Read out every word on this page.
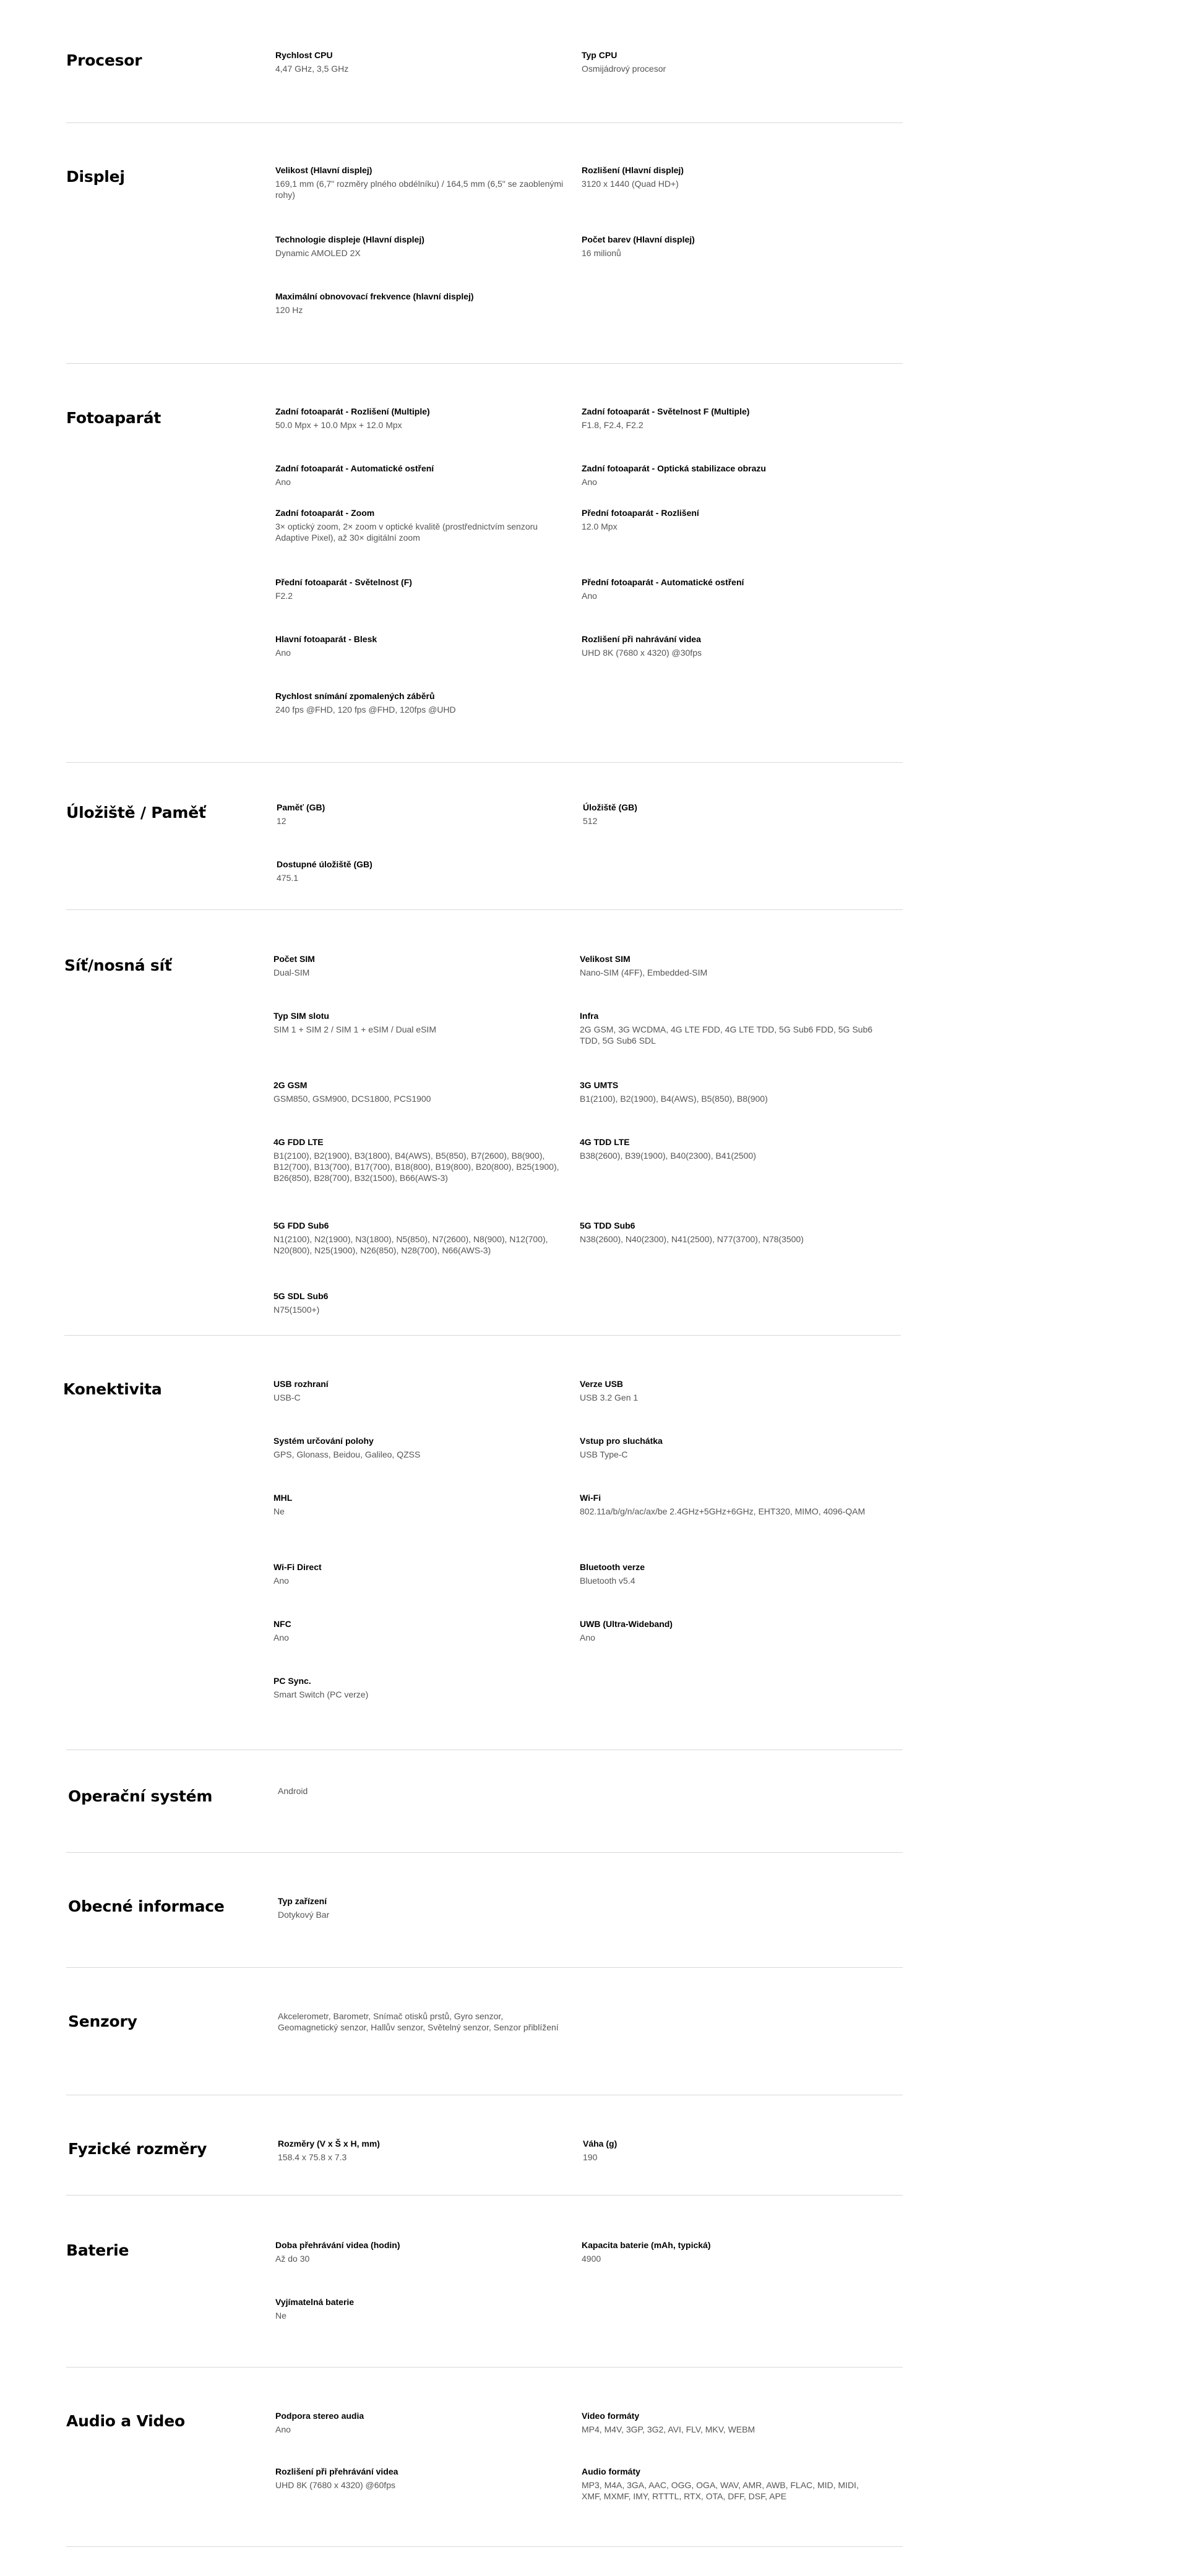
Procesor	Rychlost CPU
4,47 GHz, 3,5 GHz
Typ CPU
Osmijádrový procesor
Displej	Velikost (Hlavní displej)
169,1 mm (6,7" rozměry plného obdélníku) / 164,5 mm (6,5" se zaoblenými rohy)
Rozlišení (Hlavní displej)
3120 x 1440 (Quad HD+)
Technologie displeje (Hlavní displej)
Dynamic AMOLED 2X
Počet barev (Hlavní displej)
16 milionů
Maximální obnovovací frekvence (hlavní displej)
120 Hz
Fotoaparát	Zadní fotoaparát - Rozlišení (Multiple)
50.0 Mpx + 10.0 Mpx + 12.0 Mpx
Zadní fotoaparát - Světelnost F (Multiple)
F1.8, F2.4, F2.2
Zadní fotoaparát - Automatické ostření
Ano
Zadní fotoaparát - Optická stabilizace obrazu
Ano
Zadní fotoaparát - Zoom
3× optický zoom, 2× zoom v optické kvalitě (prostřednictvím senzoru Adaptive Pixel), až 30× digitální zoom
Přední fotoaparát - Rozlišení
12.0 Mpx
Přední fotoaparát - Světelnost (F)
F2.2
Přední fotoaparát - Automatické ostření
Ano
Hlavní fotoaparát - Blesk
Ano
Rozlišení při nahrávání videa
UHD 8K (7680 x 4320) @30fps
Rychlost snímání zpomalených záběrů
240 fps @FHD, 120 fps @FHD, 120fps @UHD
Úložiště / Paměť	Paměť (GB)
12
Úložiště (GB)
512
Dostupné úložiště (GB)
475.1
Síť/nosná síť	Počet SIM
Dual-SIM
Velikost SIM
Nano-SIM (4FF), Embedded-SIM
Typ SIM slotu
SIM 1 + SIM 2 / SIM 1 + eSIM / Dual eSIM
Infra
2G GSM, 3G WCDMA, 4G LTE FDD, 4G LTE TDD, 5G Sub6 FDD, 5G Sub6 TDD, 5G Sub6 SDL
2G GSM
GSM850, GSM900, DCS1800, PCS1900
3G UMTS
B1(2100), B2(1900), B4(AWS), B5(850), B8(900)
4G FDD LTE
B1(2100), B2(1900), B3(1800), B4(AWS), B5(850), B7(2600), B8(900), B12(700), B13(700), B17(700), B18(800), B19(800), B20(800), B25(1900), B26(850), B28(700), B32(1500), B66(AWS-3)
4G TDD LTE
B38(2600), B39(1900), B40(2300), B41(2500)
5G FDD Sub6
N1(2100), N2(1900), N3(1800), N5(850), N7(2600), N8(900), N12(700), N20(800), N25(1900), N26(850), N28(700), N66(AWS-3)
5G TDD Sub6
N38(2600), N40(2300), N41(2500), N77(3700), N78(3500)
5G SDL Sub6
N75(1500+)
Konektivita	USB rozhraní
USB-C
Verze USB
USB 3.2 Gen 1
Systém určování polohy
GPS, Glonass, Beidou, Galileo, QZSS
Vstup pro sluchátka
USB Type-C
MHL
Ne
Wi-Fi
802.11a/b/g/n/ac/ax/be 2.4GHz+5GHz+6GHz, EHT320, MIMO, 4096-QAM
Wi-Fi Direct
Ano
Bluetooth verze
Bluetooth v5.4
NFC
Ano
UWB (Ultra-Wideband)
Ano
PC Sync.
Smart Switch (PC verze)
Operační systém	Android
Obecné informace	Typ zařízení
Dotykový Bar
Senzory	Akcelerometr, Barometr, Snímač otisků prstů, Gyro senzor, Geomagnetický senzor, Hallův senzor, Světelný senzor, Senzor přiblížení
Fyzické rozměry	Rozměry (V x Š x H, mm)
158.4 x 75.8 x 7.3
Váha (g)
190
Baterie	Doba přehrávání videa (hodin)
Až do 30
Kapacita baterie (mAh, typická)
4900
Vyjímatelná baterie
Ne
Audio a Video	Podpora stereo audia
Ano
Video formáty
MP4, M4V, 3GP, 3G2, AVI, FLV, MKV, WEBM
Rozlišení při přehrávání videa
UHD 8K (7680 x 4320) @60fps
Audio formáty
MP3, M4A, 3GA, AAC, OGG, OGA, WAV, AMR, AWB, FLAC, MID, MIDI, XMF, MXMF, IMY, RTTTL, RTX, OTA, DFF, DSF, APE
